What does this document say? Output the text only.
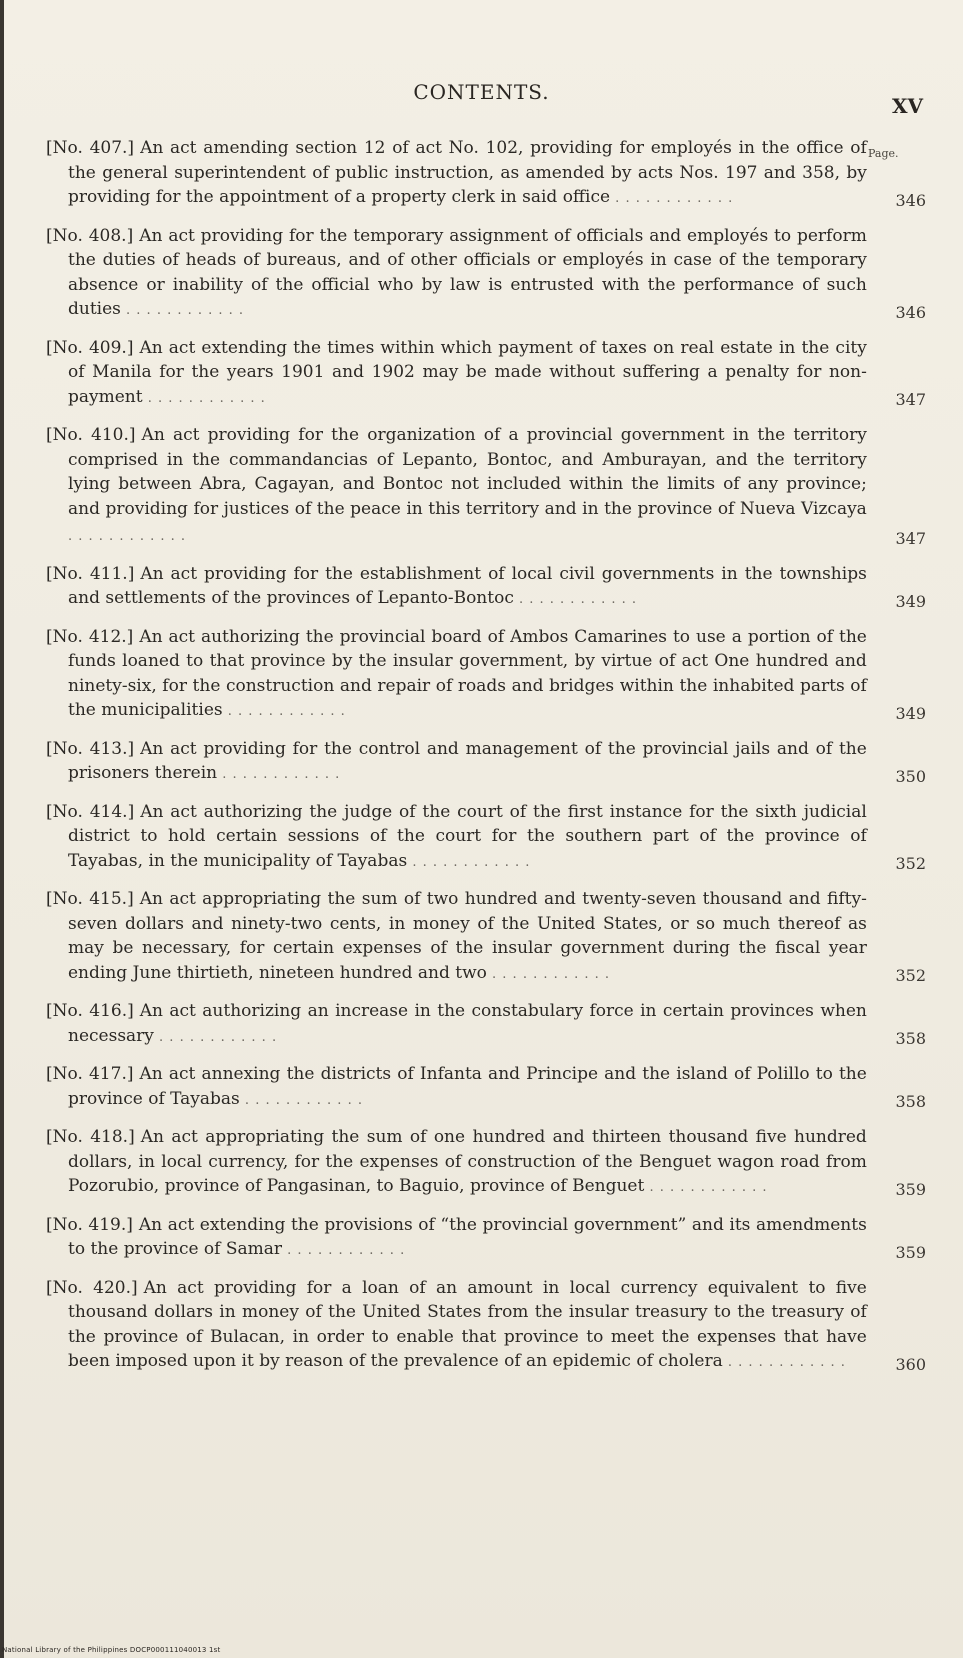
CONTENTS.
XV
Page.
[No. 407.] An act amending section 12 of act No. 102, providing for employés in the office of the general superintendent of public instruction, as amended by acts Nos. 197 and 358, by providing for the appointment of a property clerk in said office . . . . . . . . . . . .	346
[No. 408.] An act providing for the temporary assignment of officials and employés to perform the duties of heads of bureaus, and of other officials or employés in case of the temporary absence or inability of the official who by law is entrusted with the performance of such duties . . . . . . . . . . . .	346
[No. 409.] An act extending the times within which payment of taxes on real estate in the city of Manila for the years 1901 and 1902 may be made without suffering a penalty for non-payment . . . . . . . . . . . .	347
[No. 410.] An act providing for the organization of a provincial government in the territory comprised in the commandancias of Lepanto, Bontoc, and Amburayan, and the territory lying between Abra, Cagayan, and Bontoc not included within the limits of any province; and providing for justices of the peace in this territory and in the province of Nueva Vizcaya . . . . . . . . . . . .	347
[No. 411.] An act providing for the establishment of local civil governments in the townships and settlements of the provinces of Lepanto-Bontoc . . . . . . . . . . . .	349
[No. 412.] An act authorizing the provincial board of Ambos Camarines to use a portion of the funds loaned to that province by the insular government, by virtue of act One hundred and ninety-six, for the construction and repair of roads and bridges within the inhabited parts of the municipalities . . . . . . . . . . . .	349
[No. 413.] An act providing for the control and management of the provincial jails and of the prisoners therein . . . . . . . . . . . .	350
[No. 414.] An act authorizing the judge of the court of the first instance for the sixth judicial district to hold certain sessions of the court for the southern part of the province of Tayabas, in the municipality of Tayabas . . . . . . . . . . . .	352
[No. 415.] An act appropriating the sum of two hundred and twenty-seven thousand and fifty-seven dollars and ninety-two cents, in money of the United States, or so much thereof as may be necessary, for certain expenses of the insular government during the fiscal year ending June thirtieth, nineteen hundred and two . . . . . . . . . . . .	352
[No. 416.] An act authorizing an increase in the constabulary force in certain provinces when necessary . . . . . . . . . . . .	358
[No. 417.] An act annexing the districts of Infanta and Principe and the island of Polillo to the province of Tayabas . . . . . . . . . . . .	358
[No. 418.] An act appropriating the sum of one hundred and thirteen thousand five hundred dollars, in local currency, for the expenses of construction of the Benguet wagon road from Pozorubio, province of Pangasinan, to Baguio, province of Benguet . . . . . . . . . . . .	359
[No. 419.] An act extending the provisions of “the provincial government” and its amendments to the province of Samar . . . . . . . . . . . .	359
[No. 420.] An act providing for a loan of an amount in local currency equivalent to five thousand dollars in money of the United States from the insular treasury to the treasury of the province of Bulacan, in order to enable that province to meet the expenses that have been imposed upon it by reason of the prevalence of an epidemic of cholera . . . . . . . . . . . .	360
National Library of the Philippines DOCP000111040013 1st
